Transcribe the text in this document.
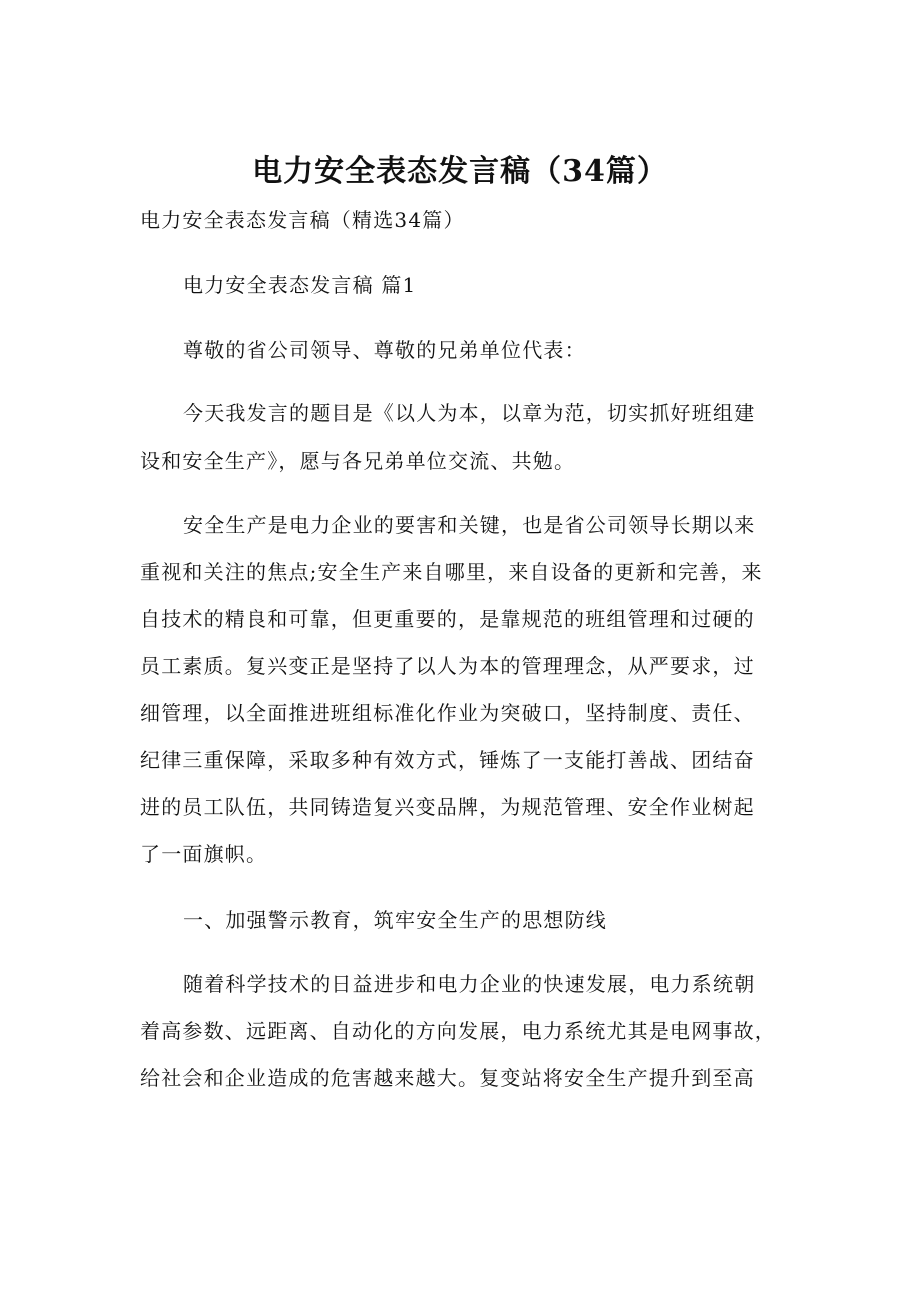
电力安全表态发言稿（34篇）
电力安全表态发言稿（精选34篇）
电力安全表态发言稿 篇1
尊敬的省公司领导、尊敬的兄弟单位代表：
今天我发言的题目是《以人为本，以章为范，切实抓好班组建
设和安全生产》，愿与各兄弟单位交流、共勉。
安全生产是电力企业的要害和关键，也是省公司领导长期以来
重视和关注的焦点;安全生产来自哪里，来自设备的更新和完善，来
自技术的精良和可靠，但更重要的，是靠规范的班组管理和过硬的
员工素质。复兴变正是坚持了以人为本的管理理念，从严要求，过
细管理，以全面推进班组标准化作业为突破口，坚持制度、责任、
纪律三重保障，采取多种有效方式，锤炼了一支能打善战、团结奋
进的员工队伍，共同铸造复兴变品牌，为规范管理、安全作业树起
了一面旗帜。
一、加强警示教育，筑牢安全生产的思想防线
随着科学技术的日益进步和电力企业的快速发展，电力系统朝
着高参数、远距离、自动化的方向发展，电力系统尤其是电网事故，
给社会和企业造成的危害越来越大。复变站将安全生产提升到至高
